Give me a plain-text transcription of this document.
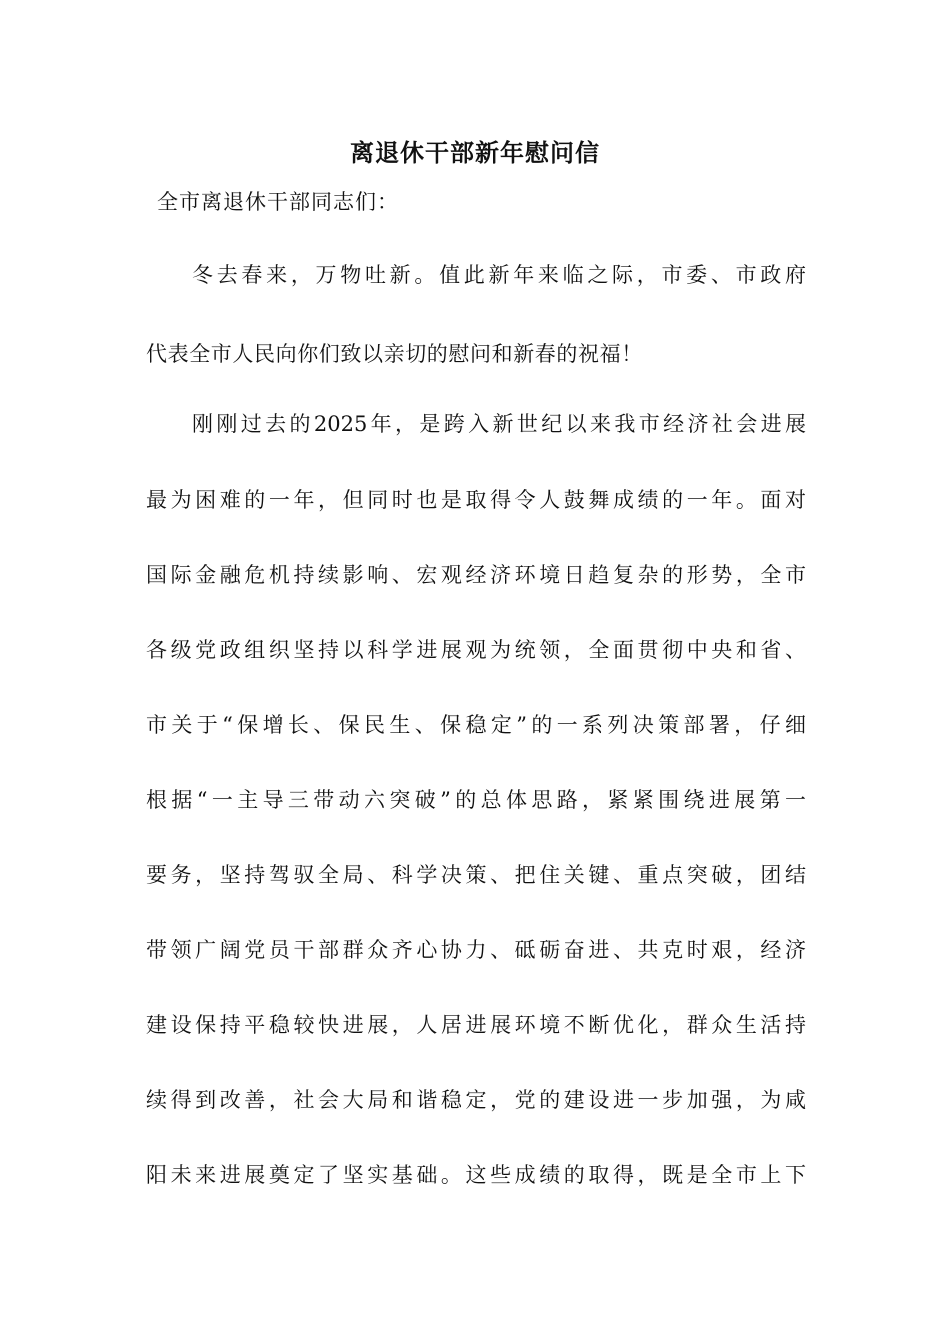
离退休干部新年慰问信
全市离退休干部同志们：
冬去春来，万物吐新。值此新年来临之际，市委、市政府
代表全市人民向你们致以亲切的慰问和新春的祝福！
刚刚过去的2025年，是跨入新世纪以来我市经济社会进展
最为困难的一年，但同时也是取得令人鼓舞成绩的一年。面对
国际金融危机持续影响、宏观经济环境日趋复杂的形势，全市
各级党政组织坚持以科学进展观为统领，全面贯彻中央和省、
市关于“保增长、保民生、保稳定”的一系列决策部署，仔细
根据“一主导三带动六突破”的总体思路，紧紧围绕进展第一
要务，坚持驾驭全局、科学决策、把住关键、重点突破，团结
带领广阔党员干部群众齐心协力、砥砺奋进、共克时艰，经济
建设保持平稳较快进展，人居进展环境不断优化，群众生活持
续得到改善，社会大局和谐稳定，党的建设进一步加强，为咸
阳未来进展奠定了坚实基础。这些成绩的取得，既是全市上下
